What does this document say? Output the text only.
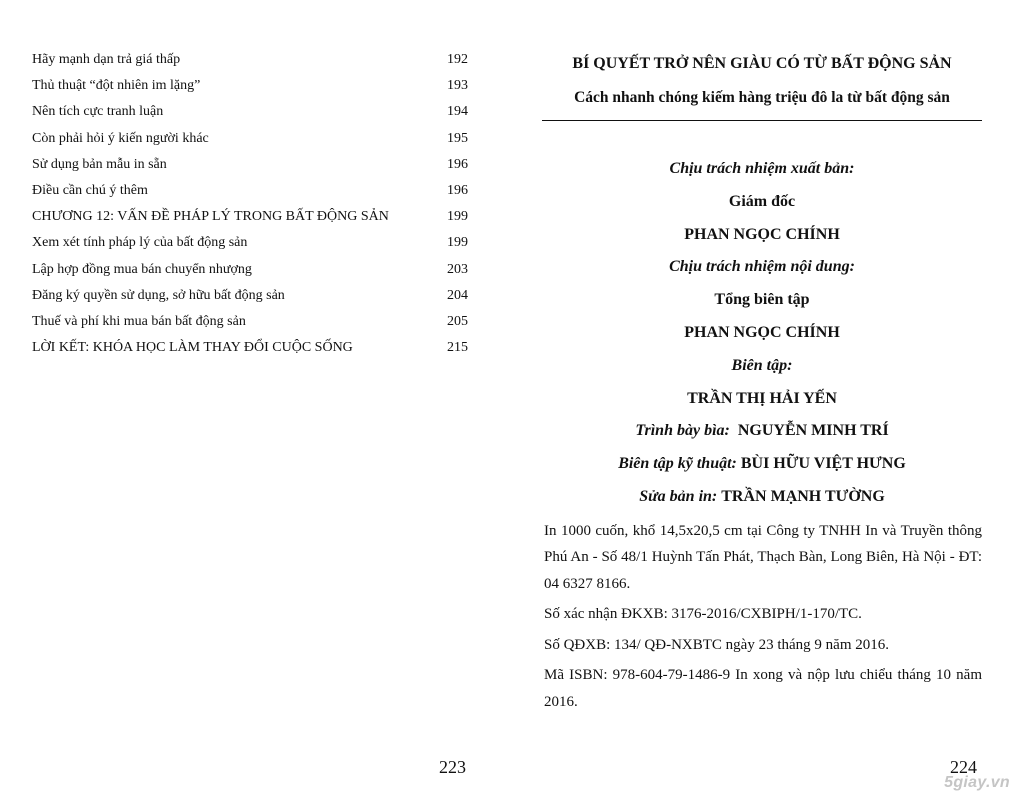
Hãy mạnh dạn trả giá thấp	192
Thủ thuật “đột nhiên im lặng”	193
Nên tích cực tranh luận	194
Còn phải hỏi ý kiến người khác	195
Sử dụng bản mẫu in sẵn	196
Điều cần chú ý thêm	196
CHƯƠNG 12: VẤN ĐỀ PHÁP LÝ TRONG BẤT ĐỘNG SẢN	199
Xem xét tính pháp lý của bất động sản	199
Lập hợp đồng mua bán chuyển nhượng	203
Đăng ký quyền sử dụng, sở hữu bất động sản	204
Thuế và phí khi mua bán bất động sản	205
LỜI KẾT: KHÓA HỌC LÀM THAY ĐỔI CUỘC SỐNG	215
223
BÍ QUYẾT TRỞ NÊN GIÀU CÓ TỪ BẤT ĐỘNG SẢN
Cách nhanh chóng kiếm hàng triệu đô la từ bất động sản
Chịu trách nhiệm xuất bản:
Giám đốc
PHAN NGỌC CHÍNH
Chịu trách nhiệm nội dung:
Tổng biên tập
PHAN NGỌC CHÍNH
Biên tập:
TRẦN THỊ HẢI YẾN
Trình bày bìa: NGUYỄN MINH TRÍ
Biên tập kỹ thuật: BÙI HỮU VIỆT HƯNG
Sửa bản in: TRẦN MẠNH TƯỜNG

In 1000 cuốn, khổ 14,5x20,5 cm tại Công ty TNHH In và Truyền thông Phú An - Số 48/1 Huỳnh Tấn Phát, Thạch Bàn, Long Biên, Hà Nội - ĐT: 04 6327 8166.

Số xác nhận ĐKXB: 3176-2016/CXBIPH/1-170/TC.

Số QĐXB: 134/ QĐ-NXBTC ngày 23 tháng 9 năm 2016.

Mã ISBN: 978-604-79-1486-9 In xong và nộp lưu chiểu tháng 10 năm 2016.

224
5giay.vn
